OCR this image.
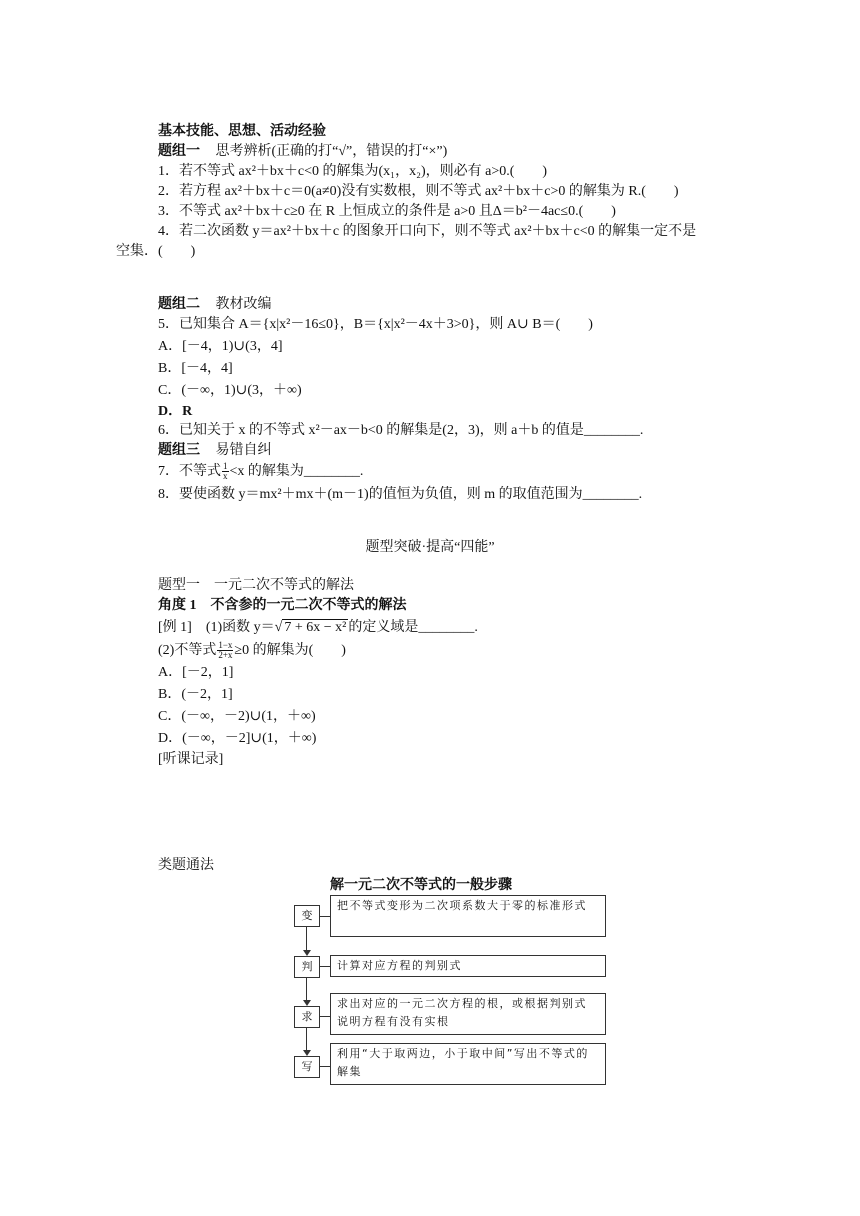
基本技能、思想、活动经验
题组一 思考辨析(正确的打“√”，错误的打“×”)
1．若不等式 ax²＋bx＋c<0 的解集为(x₁，x₂)，则必有 a>0.(　　)
2．若方程 ax²＋bx＋c＝0(a≠0)没有实数根，则不等式 ax²＋bx＋c>0 的解集为 R.(　　)
3．不等式 ax²＋bx＋c≥0 在 R 上恒成立的条件是 a>0 且Δ＝b²－4ac≤0.(　　)
4．若二次函数 y＝ax²＋bx＋c 的图象开口向下，则不等式 ax²＋bx＋c<0 的解集一定不是
空集．(　　)
题组二 教材改编
5．已知集合 A＝{x|x²－16≤0}，B＝{x|x²－4x＋3>0}，则 A∪ B＝(　　)
A．[－4，1)∪(3，4]
B．[－4，4]
C．(－∞，1)∪(3，＋∞)
D．R
6．已知关于 x 的不等式 x²－ax－b<0 的解集是(2，3)，则 a＋b 的值是________.
题组三 易错自纠
7．不等式 $\frac{1}{x} <x$ 的解集为________.
8．要使函数 y＝mx²＋mx＋(m－1)的值恒为负值，则 m 的取值范围为________.
题型突破·提高“四能”
题型一　一元二次不等式的解法
角度 1　不含参的一元二次不等式的解法
[例 1]　(1)函数 y＝√ 7 + 6x − x² 的定义域是________.
(2)不等式 $\frac{1-x}{2+x} \ge 0$ 的解集为(　　)
A．[－2，1]
B．(－2，1]
C．(－∞，－2)∪(1，＋∞)
D．(－∞，－2]∪(1，＋∞)
[听课记录]
类题通法
解一元二次不等式的一般步骤
变
把不等式变形为二次项系数大于零的标准形式
判	计算对应方程的判别式
求
求出对应的一元二次方程的根，或根据判别式说明方程有没有实根
写
利用“大于取两边，小于取中间”写出不等式的解集
